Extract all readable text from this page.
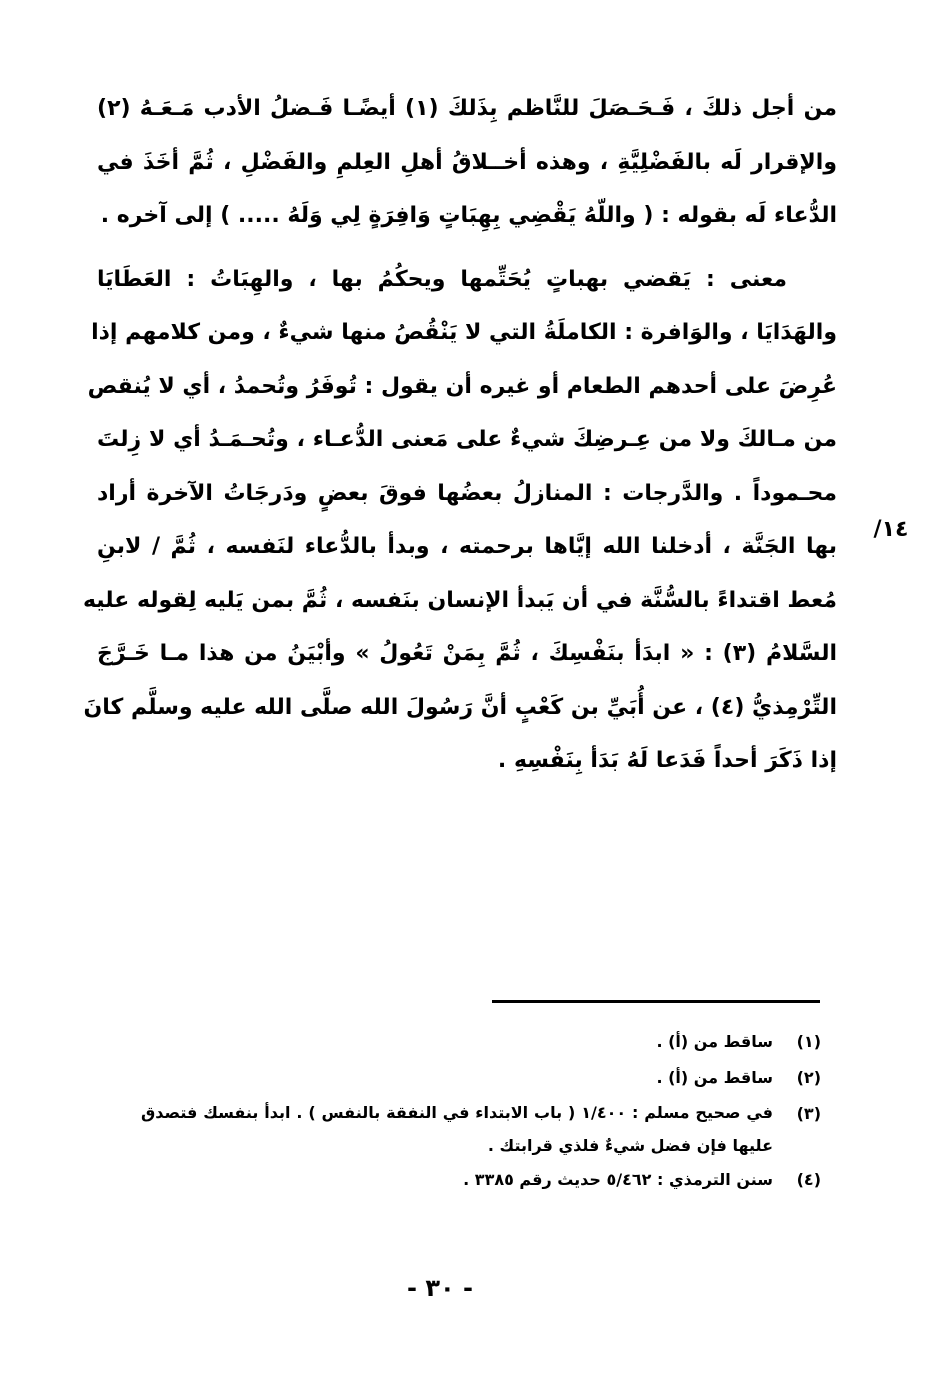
من أجل ذلكَ ، فَـحَـصَلَ للنَّاظم بِذَلكَ (١) أيضًـا فَـضلُ الأدب مَـعَـهُ (٢)
والإقرار لَه بالفَضْلِيَّةِ ، وهذه أخــلاقُ أهلِ العِلمِ والفَضْلِ ، ثُمَّ أخَذَ في
الدُّعاء لَه بقوله : ( واللّهُ يَقْضِي بِهِبَاتٍ وَافِرَةٍ لِي وَلَهُ ..... ) إلى آخره .
معنى : يَقضي بهباتٍ يُحَتِّمها ويحكُمُ بها ، والهِبَاتُ : العَطَايَا
والهَدَايَا ، والوَافرة : الكاملَةُ التي لا يَنْقُصُ منها شيءٌ ، ومن كلامهم إذا
عُرِضَ على أحدهم الطعام أو غيره أن يقول : تُوفَرُ وتُحمدُ ، أي لا يُنقص
من مـالكَ ولا من عِـرضِكَ شيءٌ على مَعنى الدُّعـاء ، وتُحـمَـدُ أي لا زِلتَ
محـموداً . والدَّرجات : المنازلُ بعضُها فوقَ بعضٍ ودَرجَاتُ الآخرة أراد
بها الجَنَّة ، أدخلنا الله إيَّاها برحمته ، وبدأ بالدُّعاء لنَفسه ، ثُمَّ / لابنِ
مُعط اقتداءً بالسُّنَّة في أن يَبدأ الإنسان بنَفسه ، ثُمَّ بمن يَليه لِقوله عليه
السَّلامُ (٣) : « ابدَأ بنَفْسِكَ ، ثُمَّ بِمَنْ تَعُولُ » وأبْيَنُ من هذا مـا خَـرَّجَ
التِّرْمِذيُّ (٤) ، عن أُبَيِّ بن كَعْبٍ أنَّ رَسُولَ الله صلَّى الله عليه وسلَّم كانَ
إذا ذَكَرَ أحداً فَدَعا لَهُ بَدَأ بِنَفْسِهِ .
١٤/
(١)
ساقط من (أ) .
(٢)
ساقط من (أ) .
(٣)
في صحيح مسلم : ١/٤٠٠ ( باب الابتداء في النفقة بالنفس ) . ابدأ بنفسك فتصدق
عليها فإن فضل شيءٌ فلذي قرابتك .
(٤)
سنن الترمذي : ٥/٤٦٢ حديث رقم ٣٣٨٥ .
- ٣٠ -
